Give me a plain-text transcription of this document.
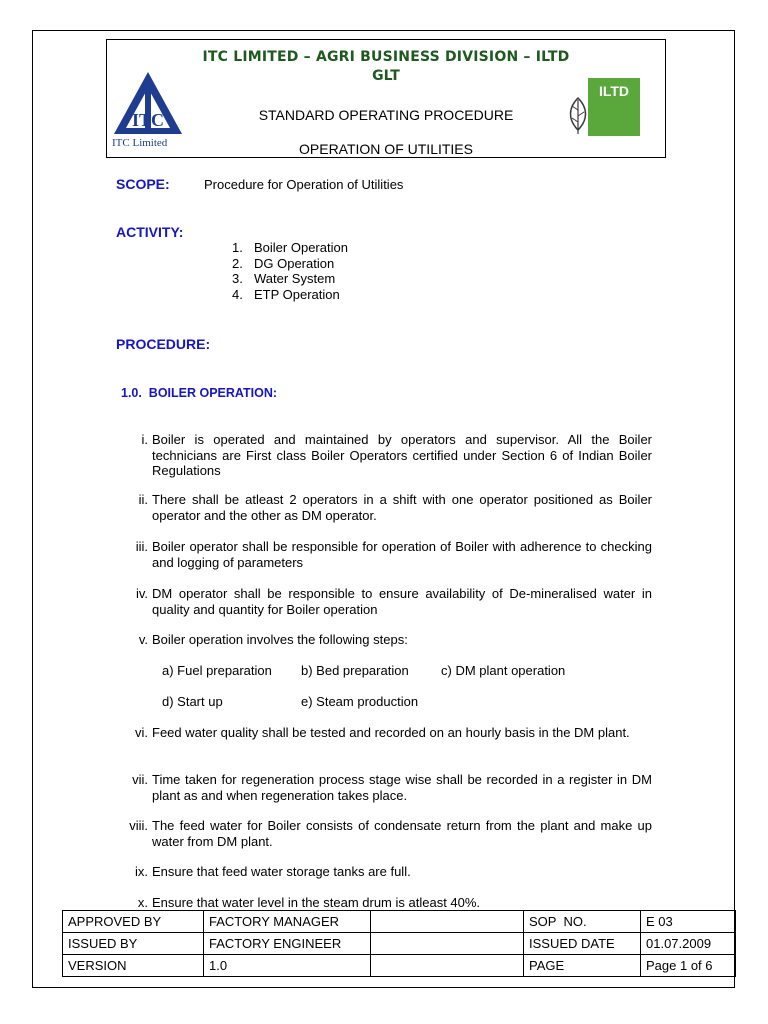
ITC LIMITED – AGRI BUSINESS DIVISION – ILTD
GLT
STANDARD OPERATING PROCEDURE
OPERATION OF UTILITIES
ITC
ITC Limited
ILTD
SCOPE:	Procedure for Operation of Utilities
ACTIVITY:
1. Boiler Operation
2. DG Operation
3. Water System
4. ETP Operation
PROCEDURE:
1.0.  BOILER OPERATION:
i. Boiler is operated and maintained by operators and supervisor. All the Boiler technicians are First class Boiler Operators certified under Section 6 of Indian Boiler Regulations
ii. There shall be atleast 2 operators in a shift with one operator positioned as Boiler operator and the other as DM operator.
iii. Boiler operator shall be responsible for operation of Boiler with adherence to checking and logging of parameters
iv. DM operator shall be responsible to ensure availability of De-mineralised water in quality and quantity for Boiler operation
v. Boiler operation involves the following steps:
a) Fuel preparation b) Bed preparation c) DM plant operation
d) Start up	e) Steam production
vi. Feed water quality shall be tested and recorded on an hourly basis in the DM plant.
vii. Time taken for regeneration process stage wise shall be recorded in a register in DM plant as and when regeneration takes place.
viii. The feed water for Boiler consists of condensate return from the plant and make up water from DM plant.
ix. Ensure that feed water storage tanks are full.
x. Ensure that water level in the steam drum is atleast 40%.
APPROVED BY	FACTORY MANAGER		SOP  NO.	E 03
ISSUED BY	FACTORY ENGINEER		ISSUED DATE	01.07.2009
VERSION	1.0		PAGE	Page 1 of 6
